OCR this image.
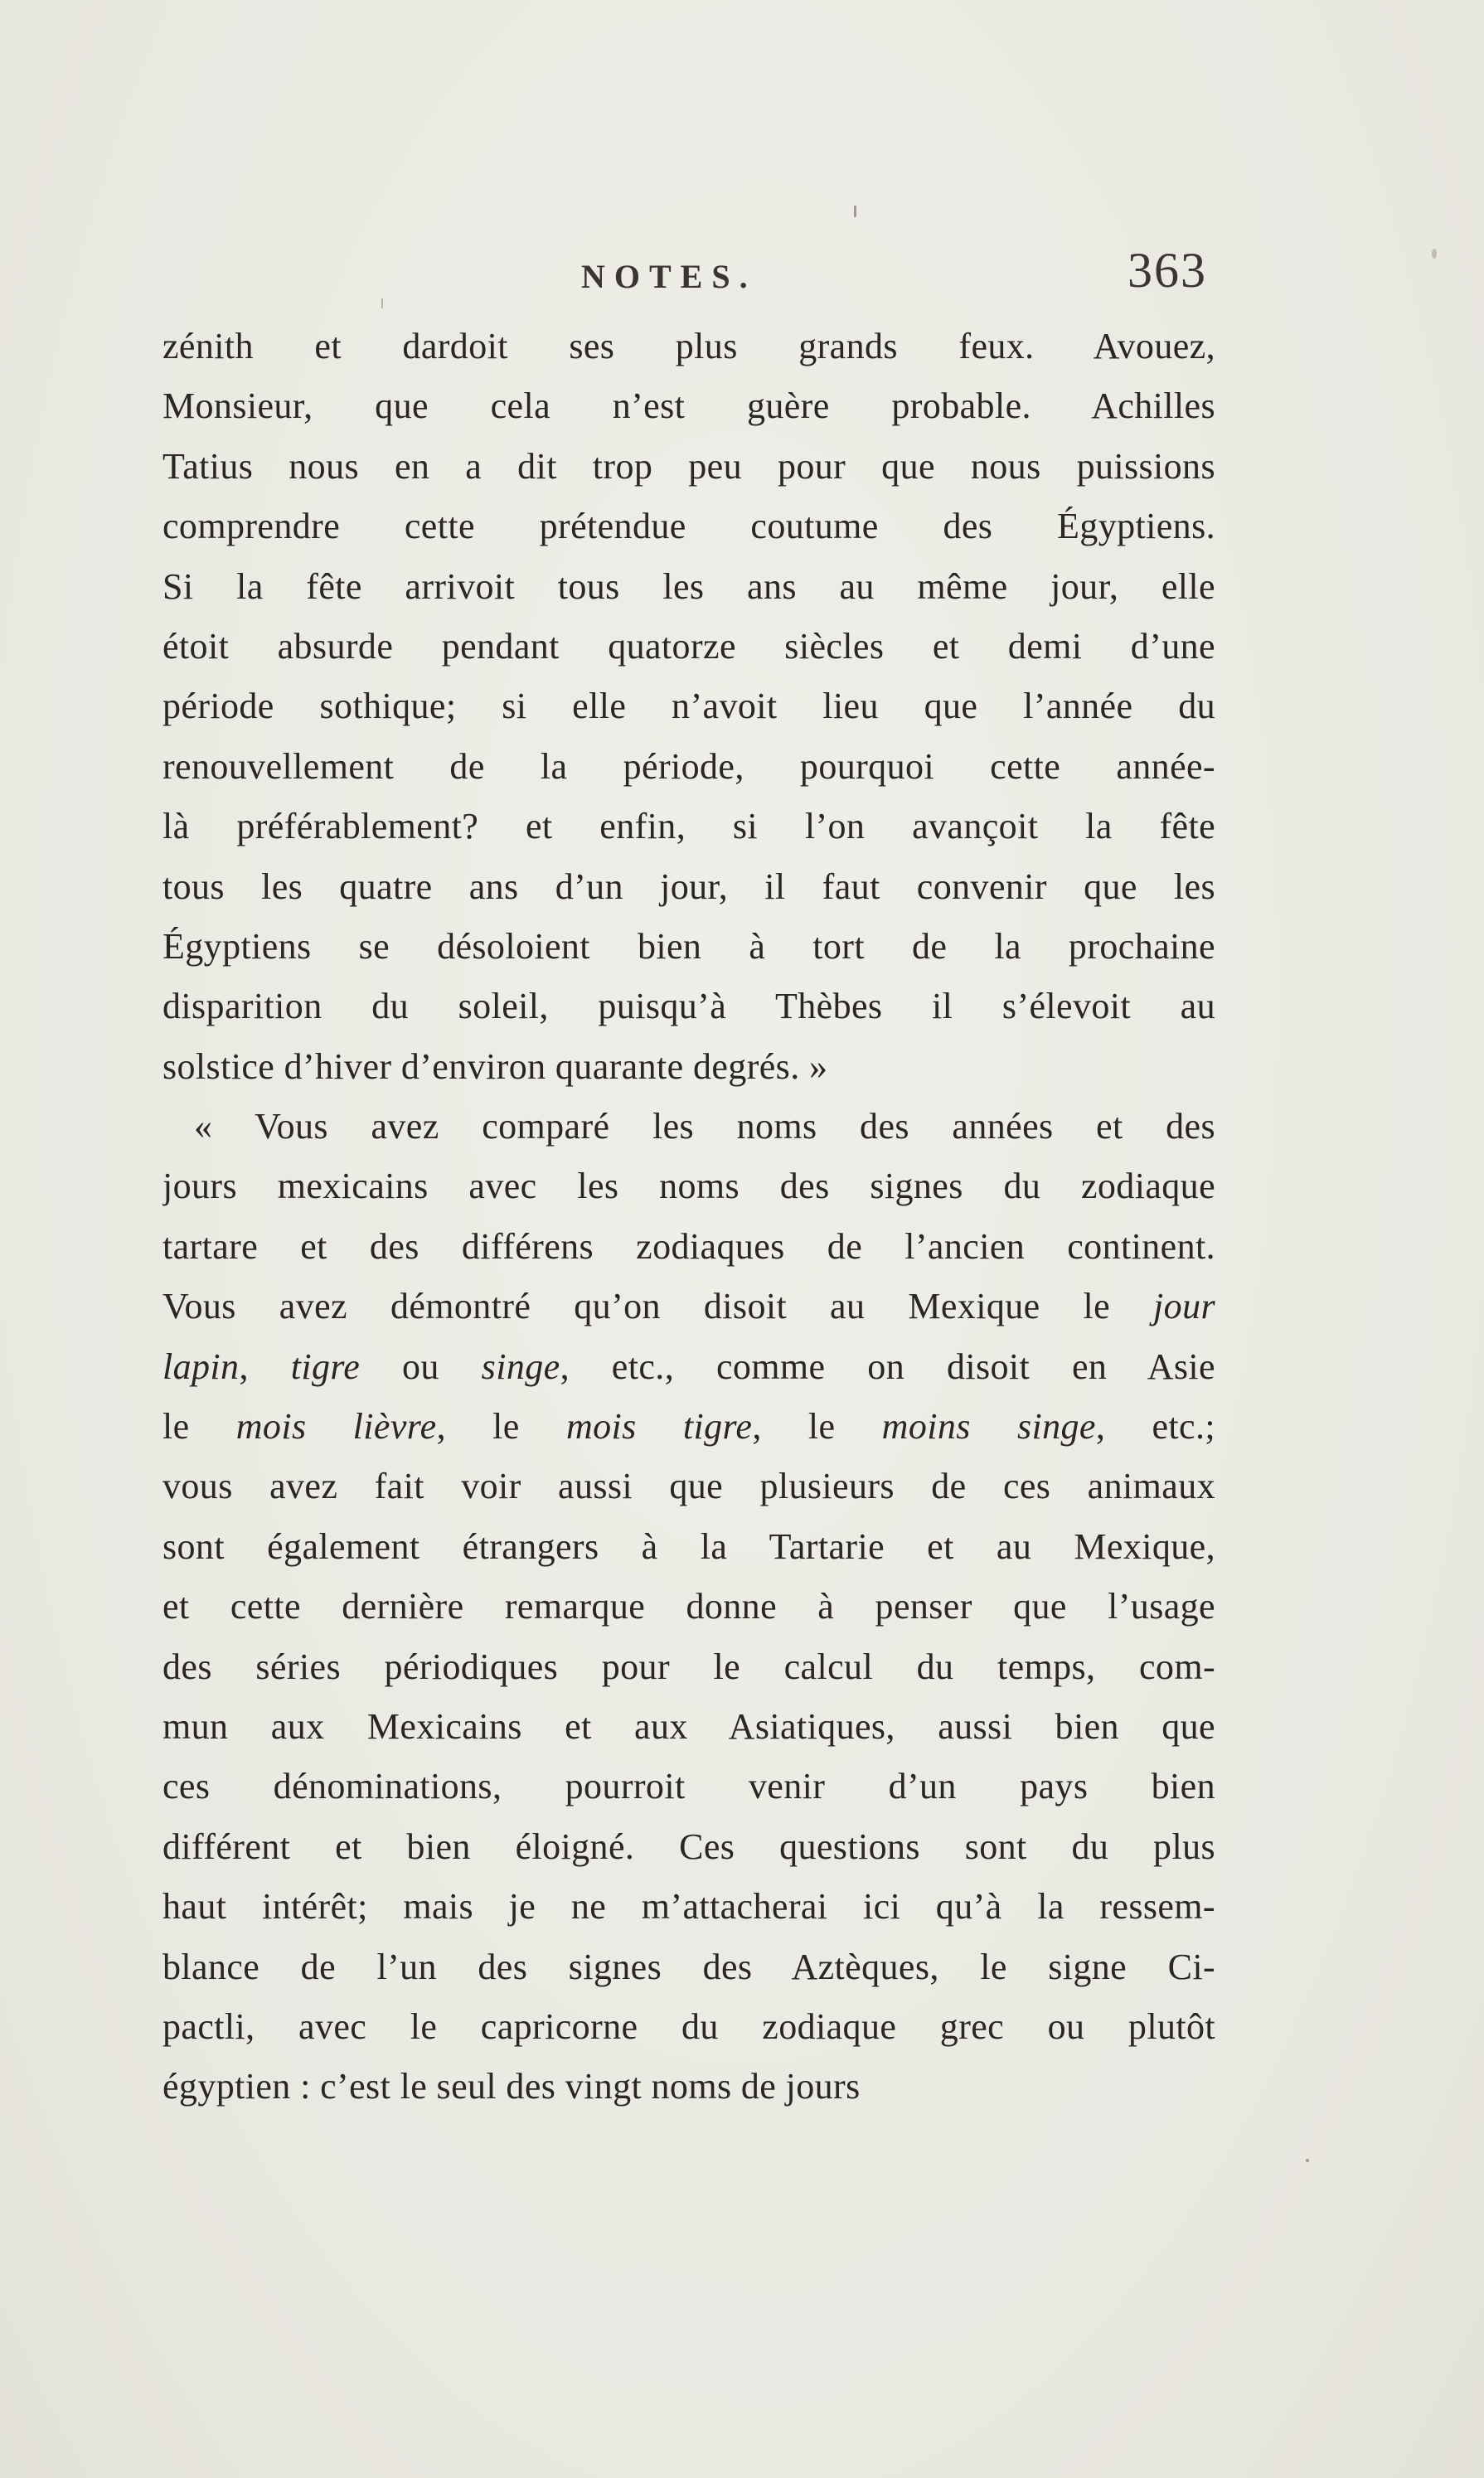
NOTES.	363
zénith et dardoit ses plus grands feux. Avouez,
Monsieur, que cela n’est guère probable. Achilles
Tatius nous en a dit trop peu pour que nous puissions
comprendre cette prétendue coutume des Égyptiens.
Si la fête arrivoit tous les ans au même jour, elle
étoit absurde pendant quatorze siècles et demi d’une
période sothique; si elle n’avoit lieu que l’année du
renouvellement de la période, pourquoi cette année-
là préférablement? et enfin, si l’on avançoit la fête
tous les quatre ans d’un jour, il faut convenir que les
Égyptiens se désoloient bien à tort de la prochaine
disparition du soleil, puisqu’à Thèbes il s’élevoit au
solstice d’hiver d’environ quarante degrés. »
« Vous avez comparé les noms des années et des
jours mexicains avec les noms des signes du zodiaque
tartare et des différens zodiaques de l’ancien continent.
Vous avez démontré qu’on disoit au Mexique le jour
lapin, tigre ou singe, etc., comme on disoit en Asie
le mois lièvre, le mois tigre, le moins singe, etc.;
vous avez fait voir aussi que plusieurs de ces animaux
sont également étrangers à la Tartarie et au Mexique,
et cette dernière remarque donne à penser que l’usage
des séries périodiques pour le calcul du temps, com-
mun aux Mexicains et aux Asiatiques, aussi bien que
ces dénominations, pourroit venir d’un pays bien
différent et bien éloigné. Ces questions sont du plus
haut intérêt; mais je ne m’attacherai ici qu’à la ressem-
blance de l’un des signes des Aztèques, le signe Ci-
pactli, avec le capricorne du zodiaque grec ou plutôt
égyptien : c’est le seul des vingt noms de jours
